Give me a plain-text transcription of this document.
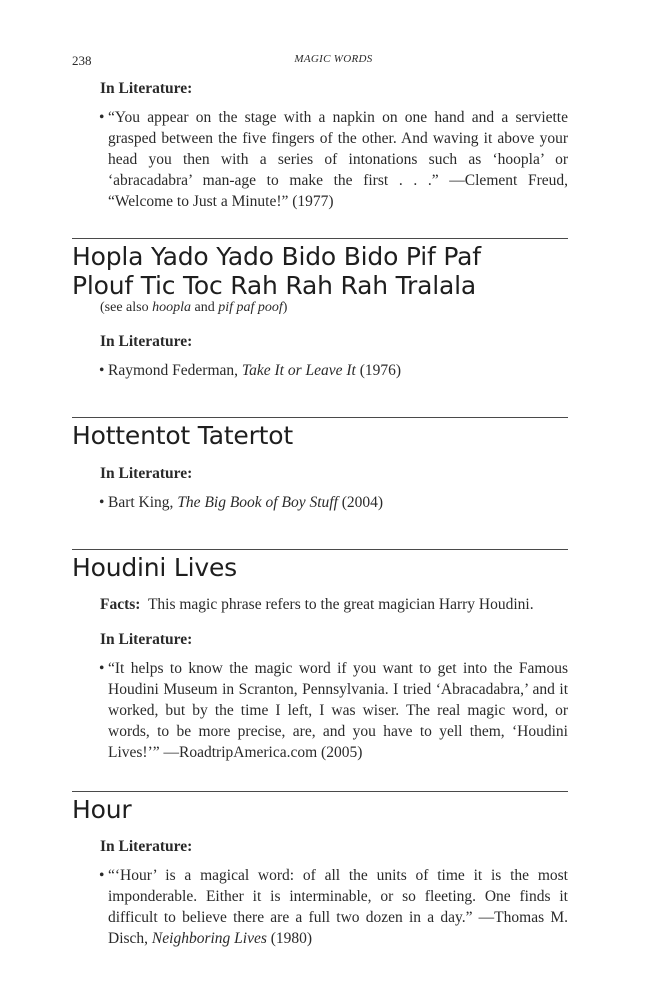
238	MAGIC WORDS
In Literature:
• “You appear on the stage with a napkin on one hand and a serviette grasped between the five fingers of the other. And waving it above your head you then with a series of intonations such as ‘hoopla’ or ‘abracadabra’ man-age to make the first . . .” —Clement Freud, “Welcome to Just a Minute!” (1977)
Hopla Yado Yado Bido Bido Pif Paf
Plouf Tic Toc Rah Rah Rah Tralala
(see also hoopla and pif paf poof)
In Literature:
• Raymond Federman, Take It or Leave It (1976)
Hottentot Tatertot
In Literature:
• Bart King, The Big Book of Boy Stuff (2004)
Houdini Lives
Facts: This magic phrase refers to the great magician Harry Houdini.
In Literature:
• “It helps to know the magic word if you want to get into the Famous Houdini Museum in Scranton, Pennsylvania. I tried ‘Abracadabra,’ and it worked, but by the time I left, I was wiser. The real magic word, or words, to be more precise, are, and you have to yell them, ‘Houdini Lives!’” —RoadtripAmerica.com (2005)
Hour
In Literature:
• “‘Hour’ is a magical word: of all the units of time it is the most imponderable. Either it is interminable, or so fleeting. One finds it difficult to believe there are a full two dozen in a day.” —Thomas M. Disch, Neighboring Lives (1980)
